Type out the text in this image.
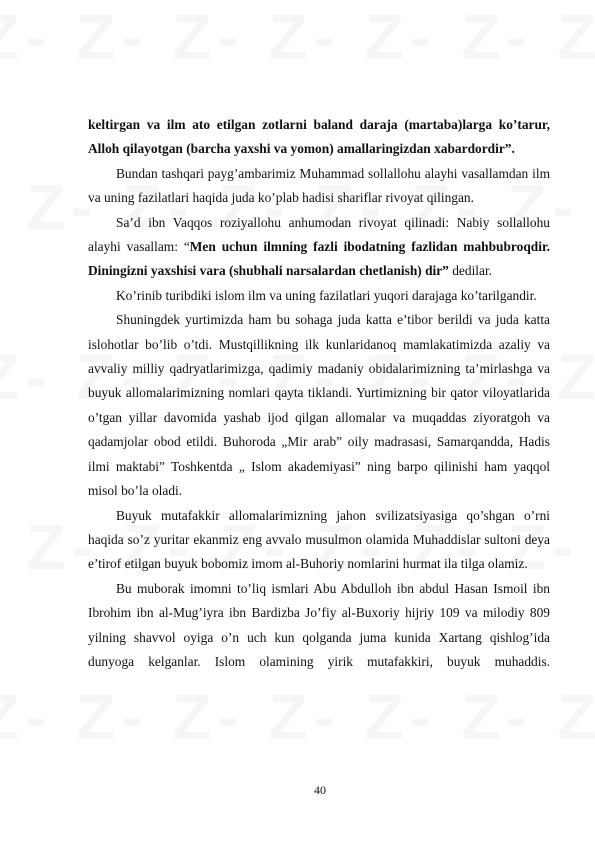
keltirgan va ilm ato etilgan zotlarni baland daraja (martaba)larga ko’tarur, Alloh qilayotgan (barcha yaxshi va yomon) amallaringizdan xabardordir”.

Bundan tashqari payg’ambarimiz Muhammad sollallohu alayhi vasallamdan ilm va uning fazilatlari haqida juda ko’plab hadisi shariflar rivoyat qilingan.

Sa’d ibn Vaqqos roziyallohu anhumodan rivoyat qilinadi: Nabiy sollallohu alayhi vasallam: “Men uchun ilmning fazli ibodatning fazlidan mahbubroqdir. Diningizni yaxshisi vara (shubhali narsalardan chetlanish) dir” dedilar.

Ko’rinib turibdiki islom ilm va uning fazilatlari yuqori darajaga ko’tarilgandir.

Shuningdek yurtimizda ham bu sohaga juda katta e’tibor berildi va juda katta islohotlar bo’lib o’tdi. Mustqillikning ilk kunlaridanoq mamlakatimizda azaliy va avvaliy milliy qadryatlarimizga, qadimiy madaniy obidalarimizning ta’mirlashga va buyuk allomalarimizning nomlari qayta tiklandi. Yurtimizning bir qator viloyatlarida o’tgan yillar davomida yashab ijod qilgan allomalar va muqaddas ziyoratgoh va qadamjolar obod etildi. Buhoroda „Mir arab” oily madrasasi, Samarqandda, Hadis ilmi maktabi” Toshkentda „ Islom akademiyasi” ning barpo qilinishi ham yaqqol misol bo’la oladi.

Buyuk mutafakkir allomalarimizning jahon svilizatsiyasiga qo’shgan o’rni haqida so’z yuritar ekanmiz eng avvalo musulmon olamida Muhaddislar sultoni deya e’tirof etilgan buyuk bobomiz imom al-Buhoriy nomlarini hurmat ila tilga olamiz.

Bu muborak imomni to’liq ismlari Abu Abdulloh ibn abdul Hasan Ismoil ibn Ibrohim ibn al-Mug’iyra ibn Bardizba Jo’fiy al-Buxoriy hijriy 109 va milodiy 809 yilning shavvol oyiga o’n uch kun qolganda juma kunida Xartang qishlog’ida dunyoga kelganlar. Islom olamining yirik mutafakkiri, buyuk muhaddis.

40
